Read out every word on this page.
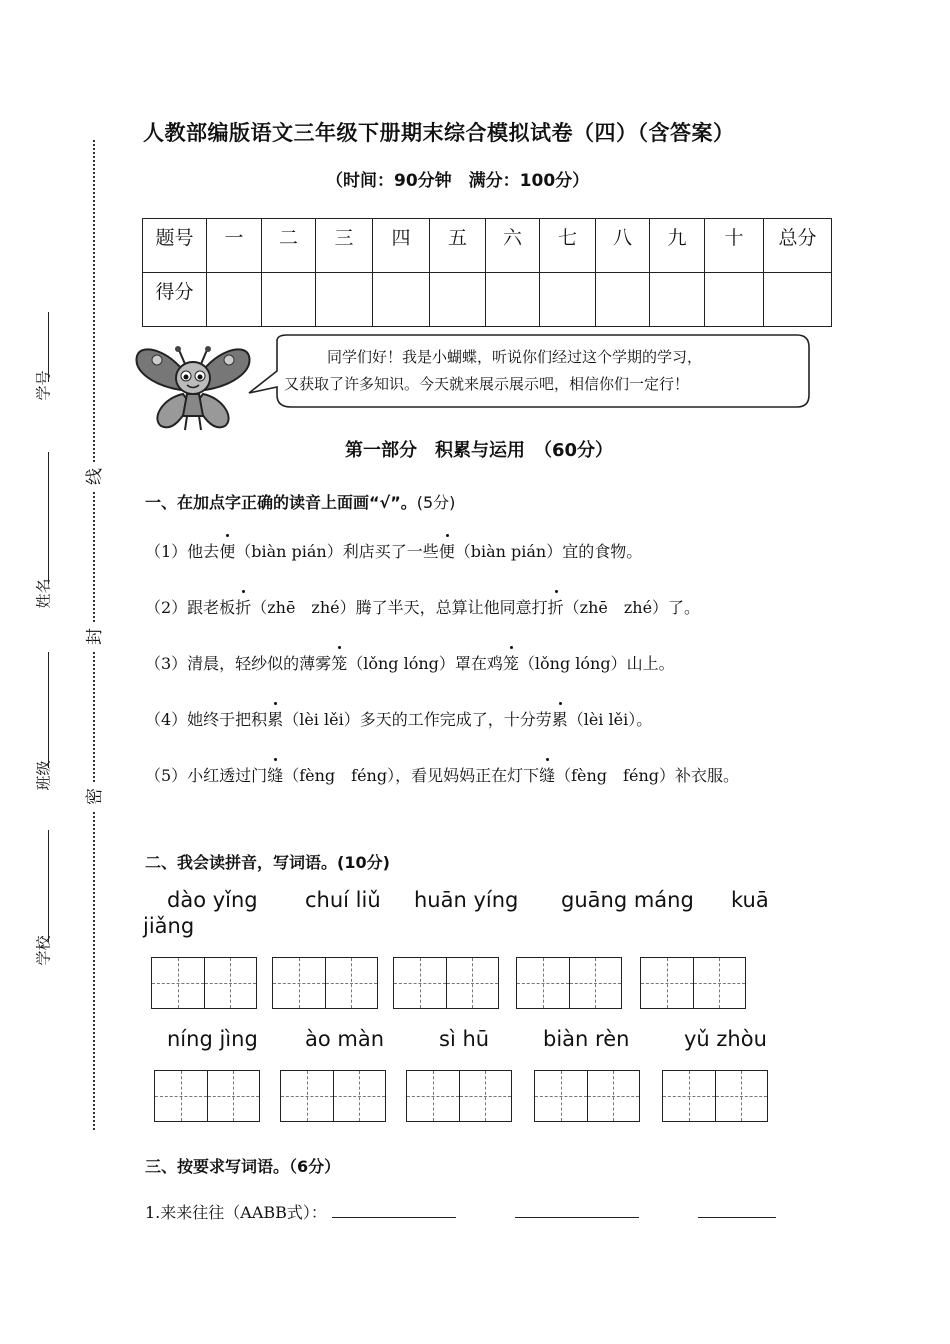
学号
姓名
班级
学校
线
封
密
人教部编版语文三年级下册期末综合模拟试卷（四）（含答案）
（时间：90分钟　满分：100分）
题号	一	二	三	四	五	六	七	八	九	十	总分
得分											
同学们好！我是小蝴蝶，听说你们经过这个学期的学习，
又获取了许多知识。今天就来展示展示吧，相信你们一定行！
第一部分　积累与运用　（60分）
一、在加点字正确的读音上面画“√”。(5分)
（1）他去便（biàn pián）利店买了一些便（biàn pián）宜的食物。
（2）跟老板折（zhē　zhé）腾了半天，总算让他同意打折（zhē　zhé）了。
（3）清晨，轻纱似的薄雾笼（lǒng lóng）罩在鸡笼（lǒng lóng）山上。
（4）她终于把积累（lèi lěi）多天的工作完成了，十分劳累（lèi lěi）。
（5）小红透过门缝（fèng　féng），看见妈妈正在灯下缝（fèng　féng）补衣服。
二、我会读拼音，写词语。(10分)
dào yǐng chuí liǔ huān yíng guāng máng kuā
jiǎng
níng jìng ào màn	sì hū	biàn rèn	yǔ zhòu
三、按要求写词语。（6分）
1.来来往往（AABB式）：
